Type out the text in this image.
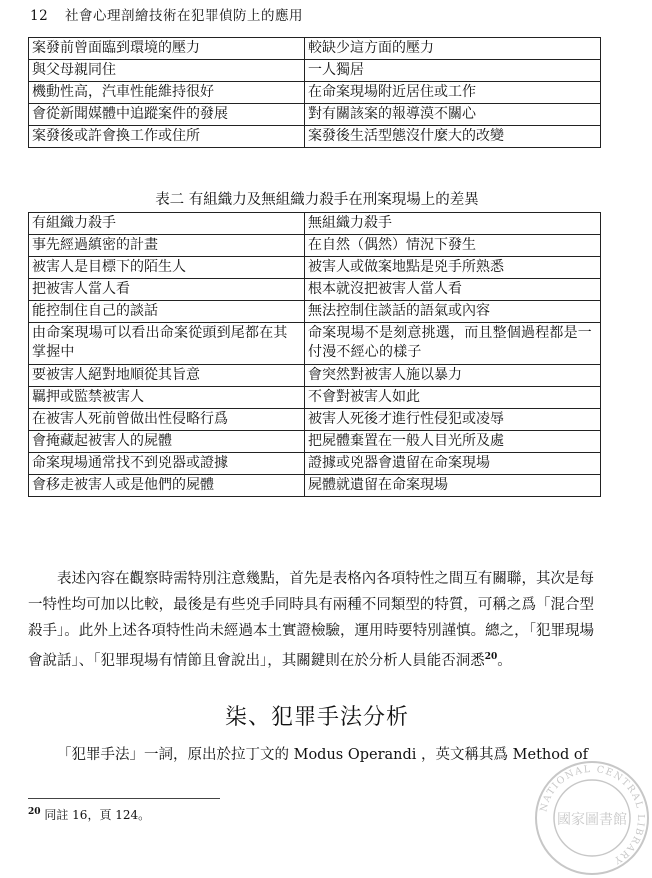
12 社會心理剖繪技術在犯罪偵防上的應用
案發前曾面臨到環境的壓力	較缺少這方面的壓力
與父母親同住	一人獨居
機動性高，汽車性能維持很好	在命案現場附近居住或工作
會從新聞媒體中追蹤案件的發展	對有關該案的報導漠不關心
案發後或許會換工作或住所	案發後生活型態沒什麼大的改變
表二 有組織力及無組織力殺手在刑案現場上的差異
有組織力殺手	無組織力殺手
事先經過縝密的計畫	在自然（偶然）情況下發生
被害人是目標下的陌生人	被害人或做案地點是兇手所熟悉
把被害人當人看	根本就沒把被害人當人看
能控制住自己的談話	無法控制住談話的語氣或內容
由命案現場可以看出命案從頭到尾都在其掌握中	命案現場不是刻意挑選，而且整個過程都是一付漫不經心的樣子
要被害人絕對地順從其旨意	會突然對被害人施以暴力
羈押或監禁被害人	不會對被害人如此
在被害人死前曾做出性侵略行爲	被害人死後才進行性侵犯或凌辱
會掩藏起被害人的屍體	把屍體棄置在一般人目光所及處
命案現場通常找不到兇器或證據	證據或兇器會遺留在命案現場
會移走被害人或是他們的屍體	屍體就遺留在命案現場

表述內容在觀察時需特別注意幾點，首先是表格內各項特性之間互有關聯，其次是每一特性均可加以比較，最後是有些兇手同時具有兩種不同類型的特質，可稱之爲「混合型殺手」。此外上述各項特性尚未經過本土實證檢驗，運用時要特別謹慎。總之，「犯罪現場會說話」、「犯罪現場有情節且會說出」，其關鍵則在於分析人員能否洞悉$^{20}$。

柒、犯罪手法分析

「犯罪手法」一詞，原出於拉丁文的 Modus Operandi ，英文稱其爲 Method of

$^{20}$ 同註 16，頁 124。
NATIONAL CENTRAL LIBRARY
國家圖書館
